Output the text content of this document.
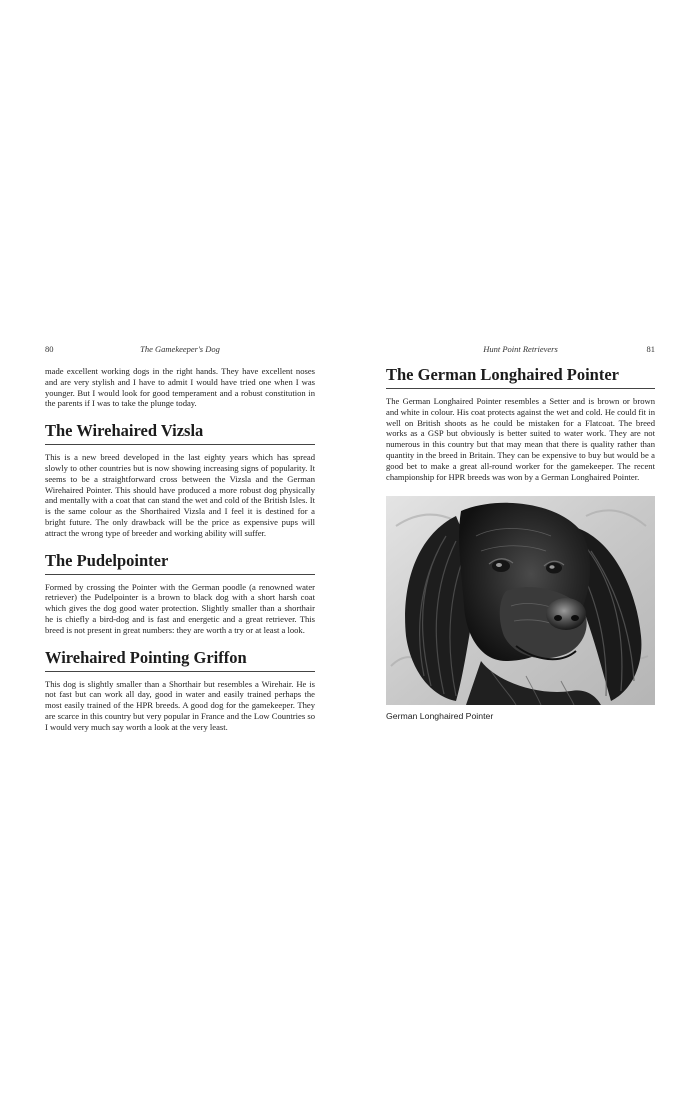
80	The Gamekeeper's Dog

made excellent working dogs in the right hands. They have excellent noses and are very stylish and I have to admit I would have tried one when I was younger. But I would look for good temperament and a robust constitution in the parents if I was to take the plunge today.

The Wirehaired Vizsla

This is a new breed developed in the last eighty years which has spread slowly to other countries but is now showing increasing signs of popularity. It seems to be a straightforward cross between the Vizsla and the German Wirehaired Pointer. This should have produced a more robust dog physically and mentally with a coat that can stand the wet and cold of the British Isles. It is the same colour as the Shorthaired Vizsla and I feel it is destined for a bright future. The only drawback will be the price as expensive pups will attract the wrong type of breeder and working ability will suffer.

The Pudelpointer

Formed by crossing the Pointer with the German poodle (a renowned water retriever) the Pudelpointer is a brown to black dog with a short harsh coat which gives the dog good water protection. Slightly smaller than a shorthair he is chiefly a bird-dog and is fast and energetic and a great retriever. This breed is not present in great numbers: they are worth a try or at least a look.

Wirehaired Pointing Griffon

This dog is slightly smaller than a Shorthair but resembles a Wirehair. He is not fast but can work all day, good in water and easily trained perhaps the most easily trained of the HPR breeds. A good dog for the gamekeeper. They are scarce in this country but very popular in France and the Low Countries so I would very much say worth a look at the very least.

Hunt Point Retrievers	81
The German Longhaired Pointer

The German Longhaired Pointer resembles a Setter and is brown or brown and white in colour. His coat protects against the wet and cold. He could fit in well on British shoots as he could be mistaken for a Flatcoat. The breed works as a GSP but obviously is better suited to water work. They are not numerous in this country but that may mean that there is quality rather than quantity in the breed in Britain. They can be expensive to buy but would be a good bet to make a great all-round worker for the gamekeeper. The recent championship for HPR breeds was won by a German Longhaired Pointer.

German Longhaired Pointer
